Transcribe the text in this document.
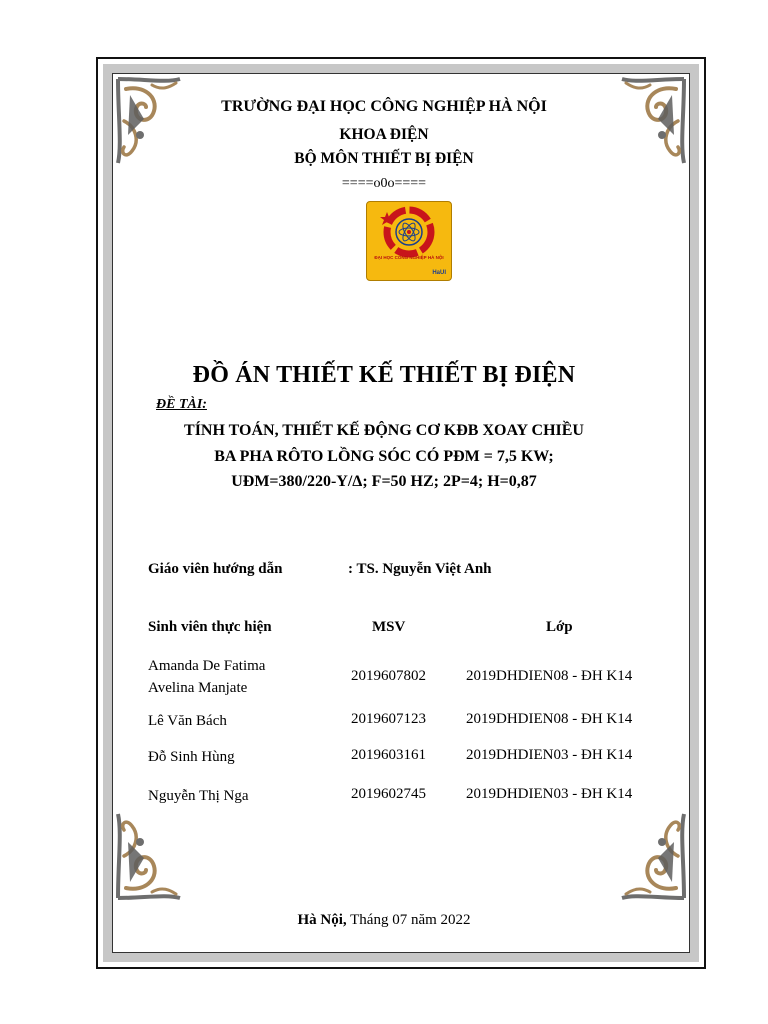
TRƯỜNG ĐẠI HỌC CÔNG NGHIỆP HÀ NỘI
KHOA ĐIỆN
BỘ MÔN THIẾT BỊ ĐIỆN
====o0o====
ĐẠI HỌC CÔNG NGHIỆP HÀ NỘI
HaUI
ĐỒ ÁN THIẾT KẾ THIẾT BỊ ĐIỆN
ĐỀ TÀI:
TÍNH TOÁN, THIẾT KẾ ĐỘNG CƠ KĐB XOAY CHIỀU
BA PHA RÔTO LỒNG SÓC CÓ PĐM = 7,5 KW;
UĐM=380/220-Y/Δ; F=50 HZ; 2P=4; Η=0,87
Giáo viên hướng dẫn	: TS. Nguyễn Việt Anh
Sinh viên thực hiện	MSV	Lớp
Amanda De Fatima
Avelina Manjate
2019607802	2019DHDIEN08 - ĐH K14
Lê Văn Bách	2019607123	2019DHDIEN08 - ĐH K14
Đỗ Sinh Hùng	2019603161	2019DHDIEN03 - ĐH K14
Nguyễn Thị Nga	2019602745	2019DHDIEN03 - ĐH K14
Hà Nội, Tháng 07 năm 2022
